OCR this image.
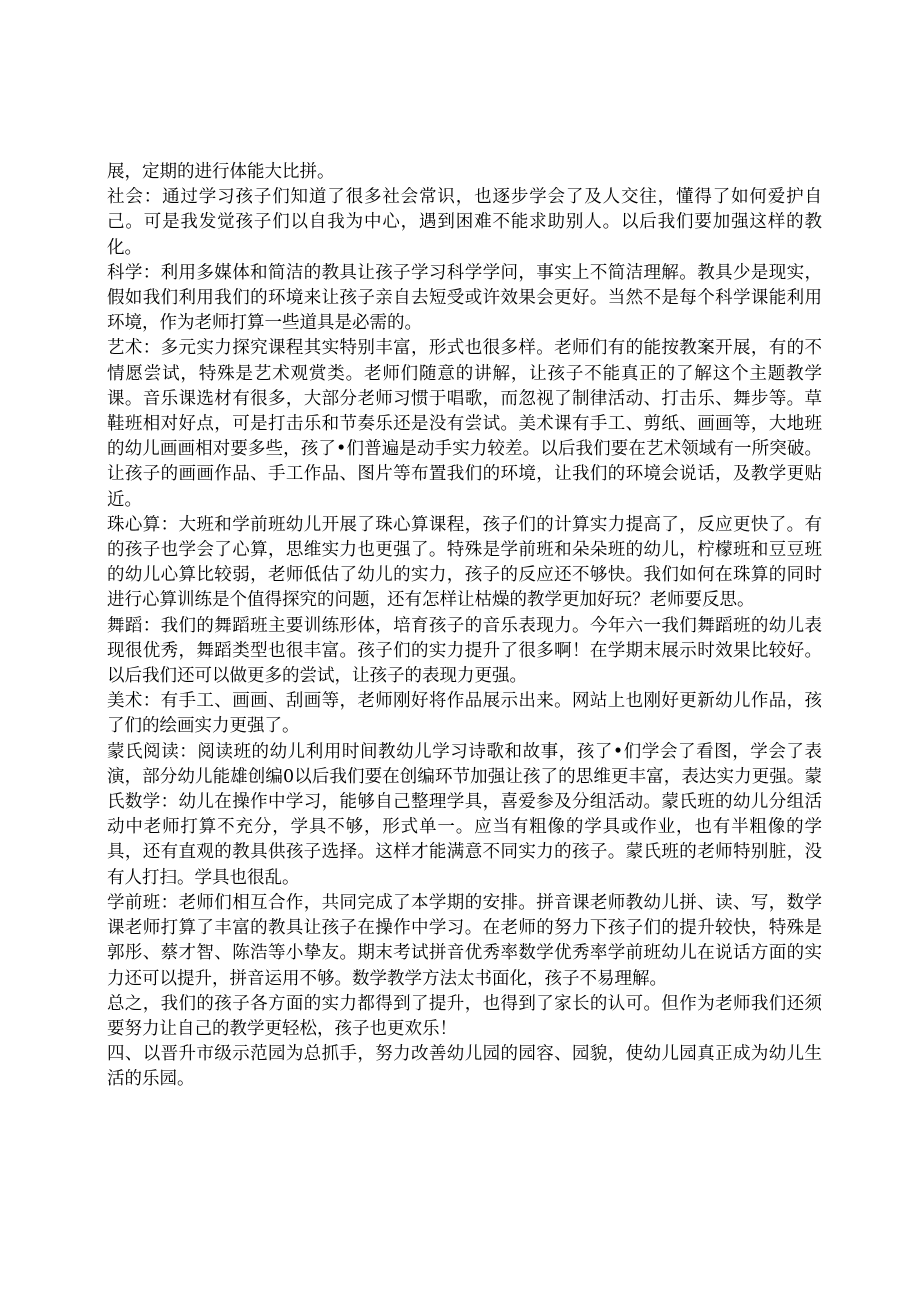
展，定期的进行体能大比拼。

社会：通过学习孩子们知道了很多社会常识，也逐步学会了及人交往，懂得了如何爱护自己。可是我发觉孩子们以自我为中心，遇到困难不能求助别人。以后我们要加强这样的教化。

科学：利用多媒体和简洁的教具让孩子学习科学学问，事实上不简洁理解。教具少是现实，假如我们利用我们的环境来让孩子亲自去短受或许效果会更好。当然不是每个科学课能利用环境，作为老师打算一些道具是必需的。

艺术：多元实力探究课程其实特别丰富，形式也很多样。老师们有的能按教案开展，有的不情愿尝试，特殊是艺术观赏类。老师们随意的讲解，让孩子不能真正的了解这个主题教学课。音乐课选材有很多，大部分老师习惯于唱歌，而忽视了制律活动、打击乐、舞步等。草鞋班相对好点，可是打击乐和节奏乐还是没有尝试。美术课有手工、剪纸、画画等，大地班的幼儿画画相对要多些，孩了•们普遍是动手实力较差。以后我们要在艺术领域有一所突破。让孩子的画画作品、手工作品、图片等布置我们的环境，让我们的环境会说话，及教学更贴近。

珠心算：大班和学前班幼儿开展了珠心算课程，孩子们的计算实力提高了，反应更快了。有的孩子也学会了心算，思维实力也更强了。特殊是学前班和朵朵班的幼儿，柠檬班和豆豆班的幼儿心算比较弱，老师低估了幼儿的实力，孩子的反应还不够快。我们如何在珠算的同时进行心算训练是个值得探究的问题，还有怎样让枯燥的教学更加好玩？老师要反思。

舞蹈：我们的舞蹈班主要训练形体，培育孩子的音乐表现力。今年六一我们舞蹈班的幼儿表现很优秀，舞蹈类型也很丰富。孩子们的实力提升了很多啊！在学期末展示时效果比较好。以后我们还可以做更多的尝试，让孩子的表现力更强。

美术：有手工、画画、刮画等，老师刚好将作品展示出来。网站上也刚好更新幼儿作品，孩了们的绘画实力更强了。

蒙氏阅读：阅读班的幼儿利用时间教幼儿学习诗歌和故事，孩了•们学会了看图，学会了表演，部分幼儿能雄创编0以后我们要在创编环节加强让孩了的思维更丰富，表达实力更强。蒙氏数学：幼儿在操作中学习，能够自己整理学具，喜爱参及分组活动。蒙氏班的幼儿分组活动中老师打算不充分，学具不够，形式单一。应当有粗像的学具或作业，也有半粗像的学具，还有直观的教具供孩子选择。这样才能满意不同实力的孩子。蒙氏班的老师特别脏，没有人打扫。学具也很乱。

学前班：老师们相互合作，共同完成了本学期的安排。拼音课老师教幼儿拼、读、写，数学课老师打算了丰富的教具让孩子在操作中学习。在老师的努力下孩子们的提升较快，特殊是郭彤、蔡才智、陈浩等小挚友。期末考试拼音优秀率数学优秀率学前班幼儿在说话方面的实力还可以提升，拼音运用不够。数学教学方法太书面化，孩子不易理解。

总之，我们的孩子各方面的实力都得到了提升，也得到了家长的认可。但作为老师我们还须要努力让自己的教学更轻松，孩子也更欢乐！

四、以晋升市级示范园为总抓手，努力改善幼儿园的园容、园貌，使幼儿园真正成为幼儿生活的乐园。
